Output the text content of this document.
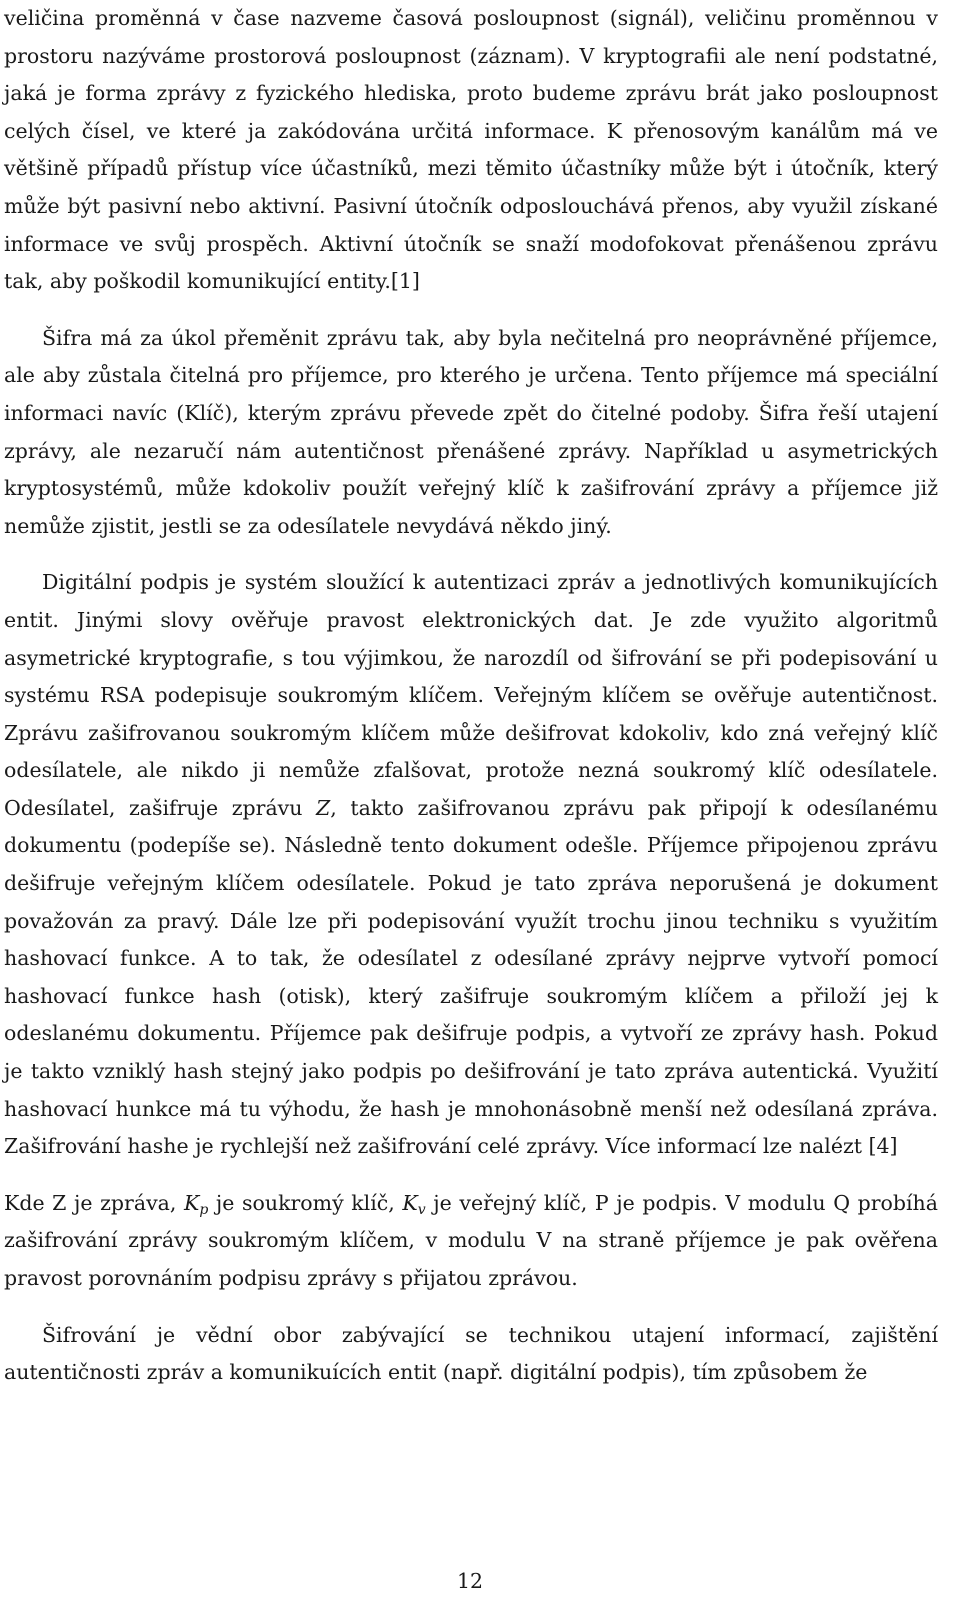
veličina proměnná v čase nazveme časová posloupnost (signál), veličinu proměnnou v prostoru nazýváme prostorová posloupnost (záznam). V kryptografii ale není podstatné, jaká je forma zprávy z fyzického hlediska, proto budeme zprávu brát jako posloupnost celých čísel, ve které ja zakódována určitá informace. K přenosovým kanálům má ve většině případů přístup více účastníků, mezi těmito účastníky může být i útočník, který může být pasivní nebo aktivní. Pasivní útočník odposlouchává přenos, aby využil získané informace ve svůj prospěch. Aktivní útočník se snaží modofokovat přenášenou zprávu tak, aby poškodil komunikující entity.[1]

Šifra má za úkol přeměnit zprávu tak, aby byla nečitelná pro neoprávněné příjemce, ale aby zůstala čitelná pro příjemce, pro kterého je určena. Tento příjemce má speciální informaci navíc (Klíč), kterým zprávu převede zpět do čitelné podoby. Šifra řeší utajení zprávy, ale nezaručí nám autentičnost přenášené zprávy. Například u asymetrických kryptosystémů, může kdokoliv použít veřejný klíč k zašifrování zprávy a příjemce již nemůže zjistit, jestli se za odesílatele nevydává někdo jiný.

Digitální podpis je systém sloužící k autentizaci zpráv a jednotlivých komunikujících entit. Jinými slovy ověřuje pravost elektronických dat. Je zde využito algoritmů asymetrické kryptografie, s tou výjimkou, že narozdíl od šifrování se při podepisování u systému RSA podepisuje soukromým klíčem. Veřejným klíčem se ověřuje autentičnost. Zprávu zašifrovanou soukromým klíčem může dešifrovat kdokoliv, kdo zná veřejný klíč odesílatele, ale nikdo ji nemůže zfalšovat, protože nezná soukromý klíč odesílatele. Odesílatel, zašifruje zprávu Z, takto zašifrovanou zprávu pak připojí k odesílanému dokumentu (podepíše se). Následně tento dokument odešle. Příjemce připojenou zprávu dešifruje veřejným klíčem odesílatele. Pokud je tato zpráva neporušená je dokument považován za pravý. Dále lze při podepisování využít trochu jinou techniku s využitím hashovací funkce. A to tak, že odesílatel z odesílané zprávy nejprve vytvoří pomocí hashovací funkce hash (otisk), který zašifruje soukromým klíčem a přiloží jej k odeslanému dokumentu. Příjemce pak dešifruje podpis, a vytvoří ze zprávy hash. Pokud je takto vzniklý hash stejný jako podpis po dešifrování je tato zpráva autentická. Využití hashovací hunkce má tu výhodu, že hash je mnohonásobně menší než odesílaná zpráva. Zašifrování hashe je rychlejší než zašifrování celé zprávy. Více informací lze nalézt [4]

Kde Z je zpráva, $K_p$ je soukromý klíč, $K_v$ je veřejný klíč, P je podpis. V modulu Q probíhá zašifrování zprávy soukromým klíčem, v modulu V na straně příjemce je pak ověřena pravost porovnáním podpisu zprávy s přijatou zprávou.

Šifrování je vědní obor zabývající se technikou utajení informací, zajištění autentičnosti zpráv a komunikuících entit (např. digitální podpis), tím způsobem že

12
